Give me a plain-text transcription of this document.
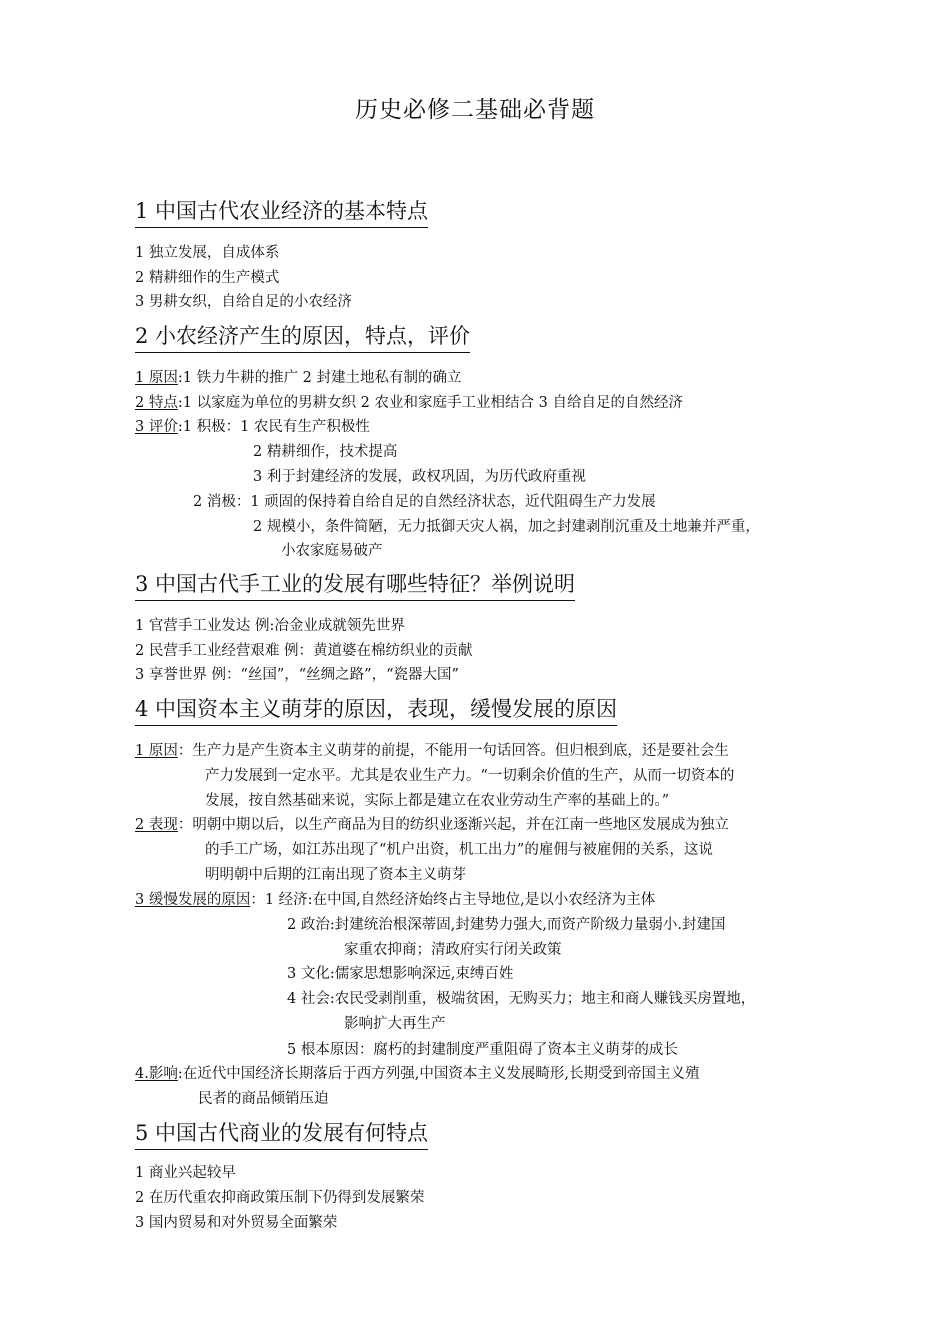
历史必修二基础必背题
1 中国古代农业经济的基本特点
1 独立发展，自成体系
2 精耕细作的生产模式
3 男耕女织，自给自足的小农经济
2 小农经济产生的原因，特点，评价
1 原因:1 铁力牛耕的推广 2 封建土地私有制的确立
2 特点:1 以家庭为单位的男耕女织 2 农业和家庭手工业相结合 3 自给自足的自然经济
3 评价:1 积极：1 农民有生产积极性
2 精耕细作，技术提高
3 利于封建经济的发展，政权巩固，为历代政府重视
2 消极：1 顽固的保持着自给自足的自然经济状态，近代阻碍生产力发展
2 规模小，条件简陋，无力抵御天灾人祸，加之封建剥削沉重及土地兼并严重，
小农家庭易破产
3 中国古代手工业的发展有哪些特征？举例说明
1 官营手工业发达 例:冶金业成就领先世界
2 民营手工业经营艰难 例：黄道婆在棉纺织业的贡献
3 享誉世界 例：“丝国”，“丝绸之路”，“瓷器大国”
4 中国资本主义萌芽的原因，表现，缓慢发展的原因
1 原因：生产力是产生资本主义萌芽的前提，不能用一句话回答。但归根到底，还是要社会生
产力发展到一定水平。尤其是农业生产力。“一切剩余价值的生产，从而一切资本的
发展，按自然基础来说，实际上都是建立在农业劳动生产率的基础上的。”
2 表现：明朝中期以后，以生产商品为目的纺织业逐渐兴起，并在江南一些地区发展成为独立
的手工广场，如江苏出现了“机户出资，机工出力”的雇佣与被雇佣的关系，这说
明明朝中后期的江南出现了资本主义萌芽
3 缓慢发展的原因：1 经济:在中国,自然经济始终占主导地位,是以小农经济为主体
2 政治:封建统治根深蒂固,封建势力强大,而资产阶级力量弱小.封建国
家重农抑商；清政府实行闭关政策
3 文化:儒家思想影响深远,束缚百姓
4 社会:农民受剥削重，极端贫困，无购买力；地主和商人赚钱买房置地，
影响扩大再生产
5 根本原因：腐朽的封建制度严重阻碍了资本主义萌芽的成长
4.影响:在近代中国经济长期落后于西方列强,中国资本主义发展畸形,长期受到帝国主义殖
民者的商品倾销压迫
5 中国古代商业的发展有何特点
1 商业兴起较早
2 在历代重农抑商政策压制下仍得到发展繁荣
3 国内贸易和对外贸易全面繁荣
